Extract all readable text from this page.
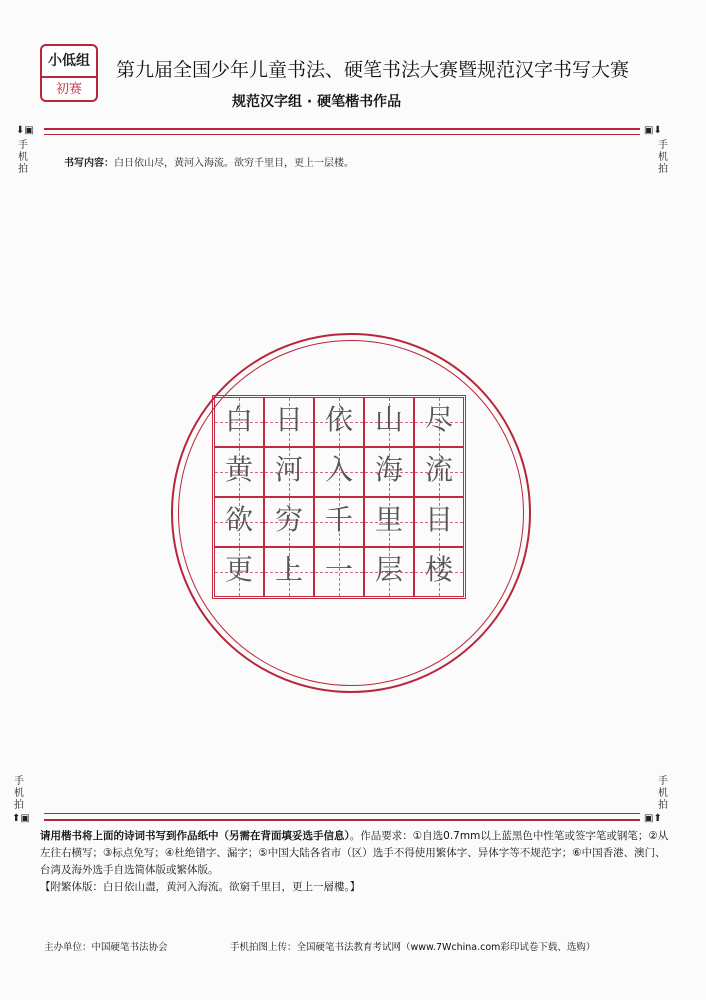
小低组
初赛
第九届全国少年儿童书法、硬笔书法大赛暨规范汉字书写大赛
规范汉字组 · 硬笔楷书作品
⬇▣
手
机
拍
▣⬇
手
机
拍
书写内容：白日依山尽，黄河入海流。欲穷千里目，更上一层楼。
白 日 依 山 尽
黄 河 入 海 流
欲 穷 千 里 目
更 上 一 层 楼
手
机
拍
⬆▣
手
机
拍
▣⬆
请用楷书将上面的诗词书写到作品纸中（另需在背面填妥选手信息）。作品要求：①自选0.7mm以上蓝黑色中性笔或签字笔或钢笔；②从左往右横写；③标点免写；④杜绝错字、漏字；⑤中国大陆各省市（区）选手不得使用繁体字、异体字等不规范字；⑥中国香港、澳门、台湾及海外选手自选简体版或繁体版。
【附繁体版：白日依山盡，黄河入海流。欲窮千里目，更上一層樓。】
主办单位：中国硬笔书法协会	手机拍图上传：全国硬笔书法教育考试网（www.7Wchina.com彩印试卷下载、选购）
